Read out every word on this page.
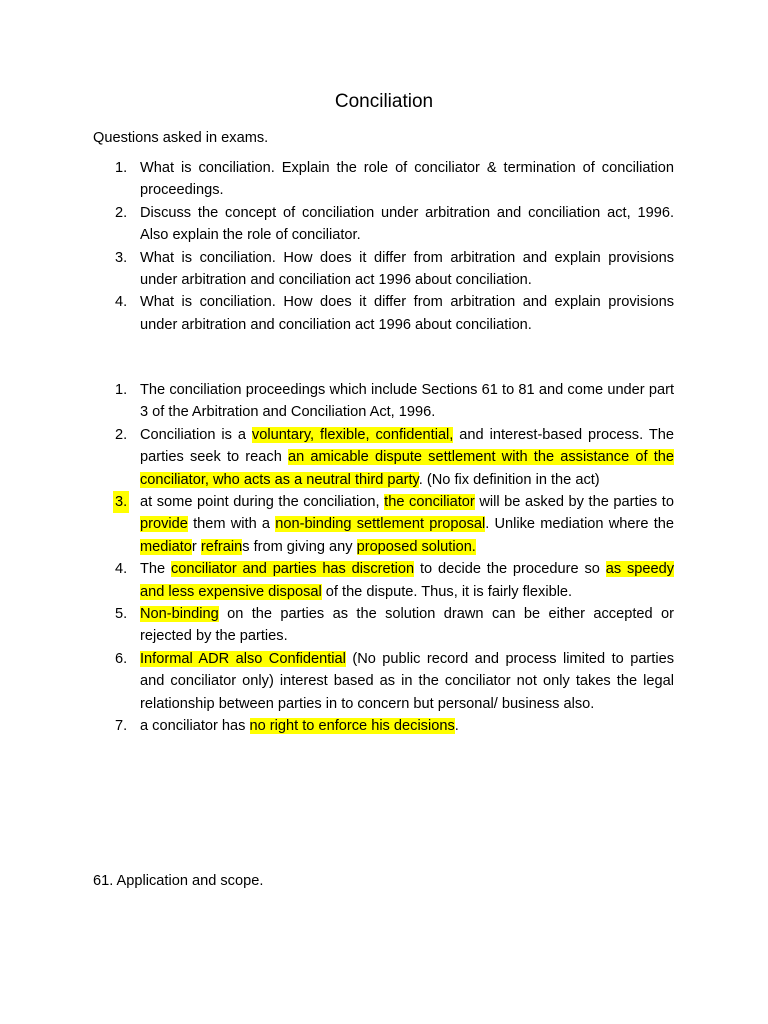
Conciliation
Questions asked in exams.
1. What is conciliation. Explain the role of conciliator & termination of conciliation proceedings.
2. Discuss the concept of conciliation under arbitration and conciliation act, 1996. Also explain the role of conciliator.
3. What is conciliation. How does it differ from arbitration and explain provisions under arbitration and conciliation act 1996 about conciliation.
4. What is conciliation. How does it differ from arbitration and explain provisions under arbitration and conciliation act 1996 about conciliation.
1. The conciliation proceedings which include Sections 61 to 81 and come under part 3 of the Arbitration and Conciliation Act, 1996.
2. Conciliation is a voluntary, flexible, confidential, and interest-based process. The parties seek to reach an amicable dispute settlement with the assistance of the conciliator, who acts as a neutral third party. (No fix definition in the act)
3. at some point during the conciliation, the conciliator will be asked by the parties to provide them with a non-binding settlement proposal. Unlike mediation where the mediator refrains from giving any proposed solution.
4. The conciliator and parties has discretion to decide the procedure so as speedy and less expensive disposal of the dispute. Thus, it is fairly flexible.
5. Non-binding on the parties as the solution drawn can be either accepted or rejected by the parties.
6. Informal ADR also Confidential (No public record and process limited to parties and conciliator only) interest based as in the conciliator not only takes the legal relationship between parties in to concern but personal/ business also.
7. a conciliator has no right to enforce his decisions.
61. Application and scope.
